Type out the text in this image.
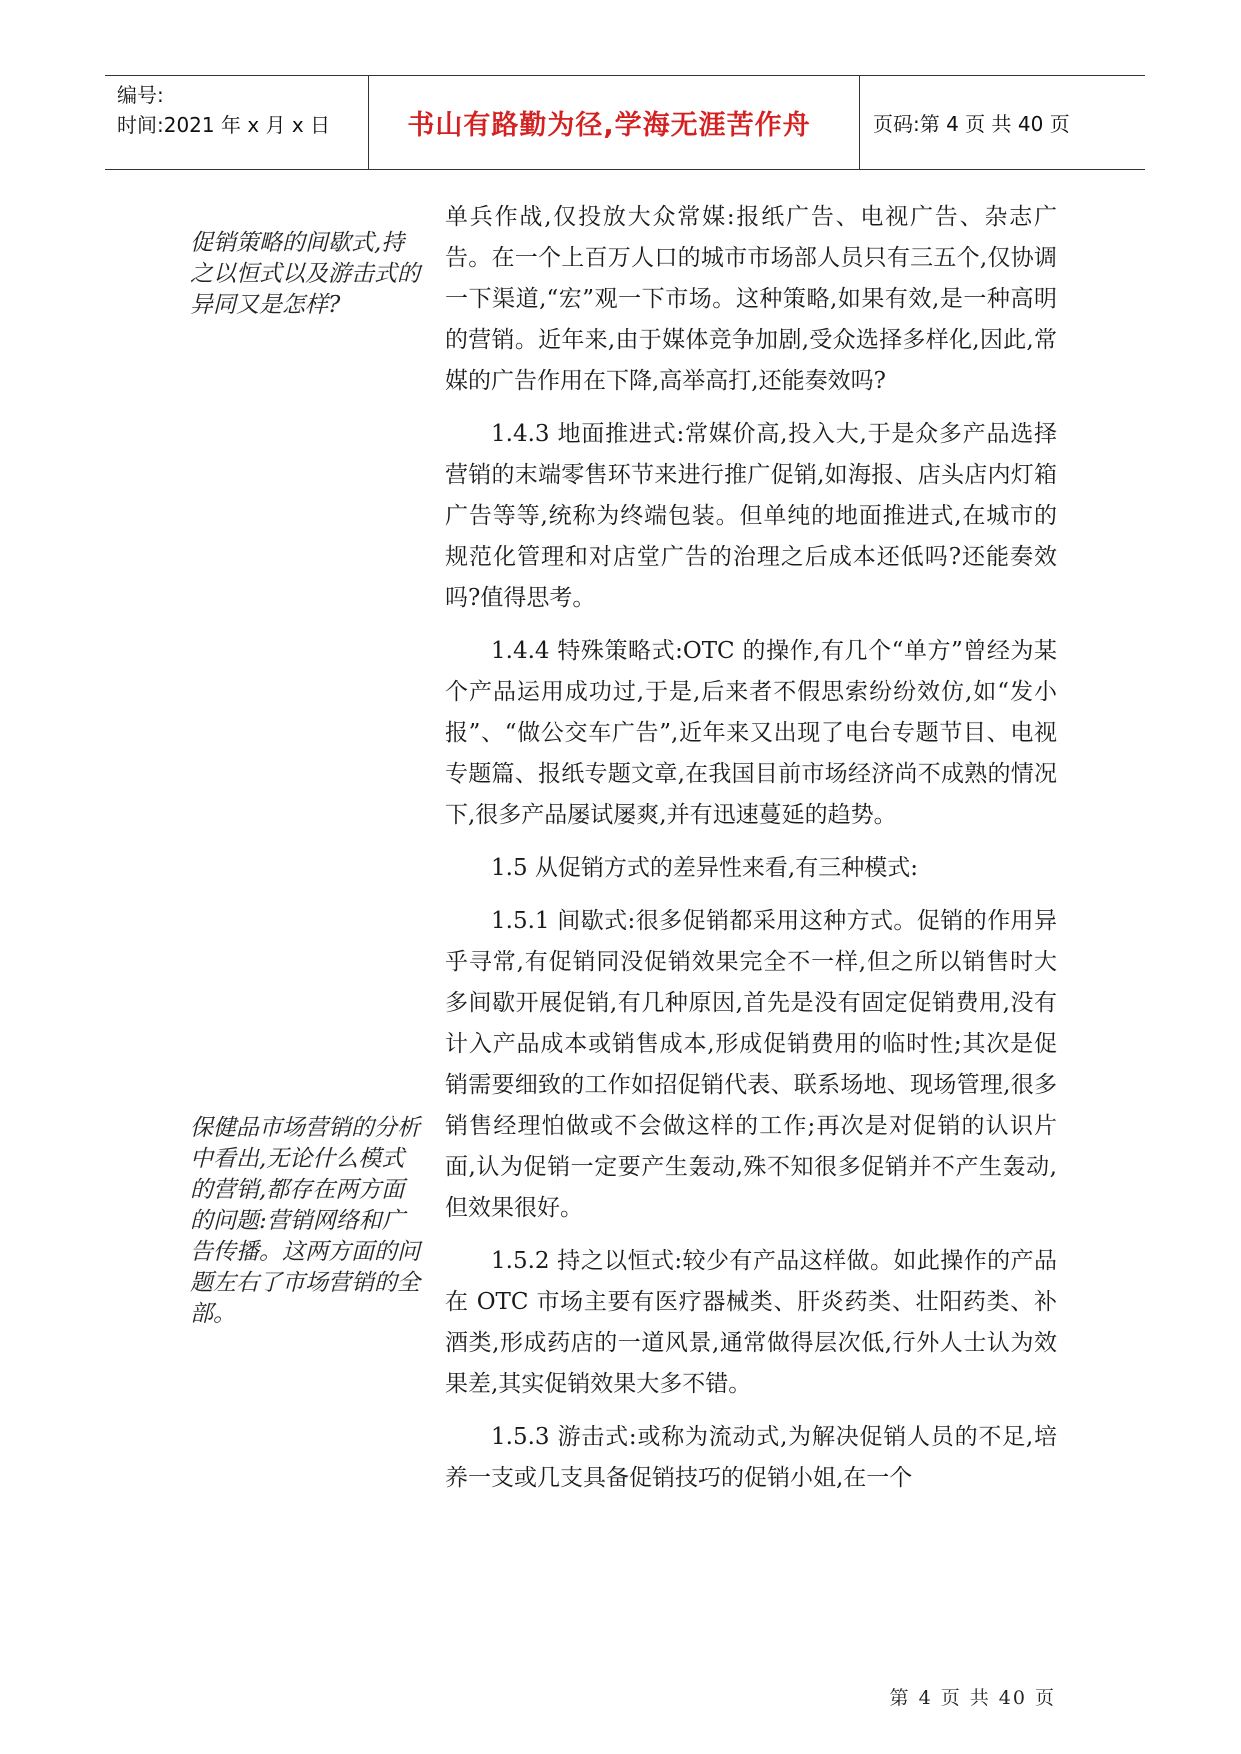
编号:
时间:2021 年 x 月 x 日	书山有路勤为径,学海无涯苦作舟	页码:第 4 页 共 40 页
促销策略的间歇式,持之以恒式以及游击式的异同又是怎样?
保健品市场营销的分析中看出,无论什么模式的营销,都存在两方面的问题:营销网络和广告传播。这两方面的问题左右了市场营销的全部。

单兵作战,仅投放大众常媒:报纸广告、电视广告、杂志广告。在一个上百万人口的城市市场部人员只有三五个,仅协调一下渠道,“宏”观一下市场。这种策略,如果有效,是一种高明的营销。近年来,由于媒体竞争加剧,受众选择多样化,因此,常媒的广告作用在下降,高举高打,还能奏效吗?

1.4.3 地面推进式:常媒价高,投入大,于是众多产品选择营销的末端零售环节来进行推广促销,如海报、店头店内灯箱广告等等,统称为终端包装。但单纯的地面推进式,在城市的规范化管理和对店堂广告的治理之后成本还低吗?还能奏效吗?值得思考。

1.4.4 特殊策略式:OTC 的操作,有几个“单方”曾经为某个产品运用成功过,于是,后来者不假思索纷纷效仿,如“发小报”、“做公交车广告”,近年来又出现了电台专题节目、电视专题篇、报纸专题文章,在我国目前市场经济尚不成熟的情况下,很多产品屡试屡爽,并有迅速蔓延的趋势。

1.5 从促销方式的差异性来看,有三种模式:

1.5.1 间歇式:很多促销都采用这种方式。促销的作用异乎寻常,有促销同没促销效果完全不一样,但之所以销售时大多间歇开展促销,有几种原因,首先是没有固定促销费用,没有计入产品成本或销售成本,形成促销费用的临时性;其次是促销需要细致的工作如招促销代表、联系场地、现场管理,很多销售经理怕做或不会做这样的工作;再次是对促销的认识片面,认为促销一定要产生轰动,殊不知很多促销并不产生轰动,但效果很好。

1.5.2 持之以恒式:较少有产品这样做。如此操作的产品在 OTC 市场主要有医疗器械类、肝炎药类、壮阳药类、补酒类,形成药店的一道风景,通常做得层次低,行外人士认为效果差,其实促销效果大多不错。

1.5.3 游击式:或称为流动式,为解决促销人员的不足,培养一支或几支具备促销技巧的促销小姐,在一个

第 4 页 共 40 页
